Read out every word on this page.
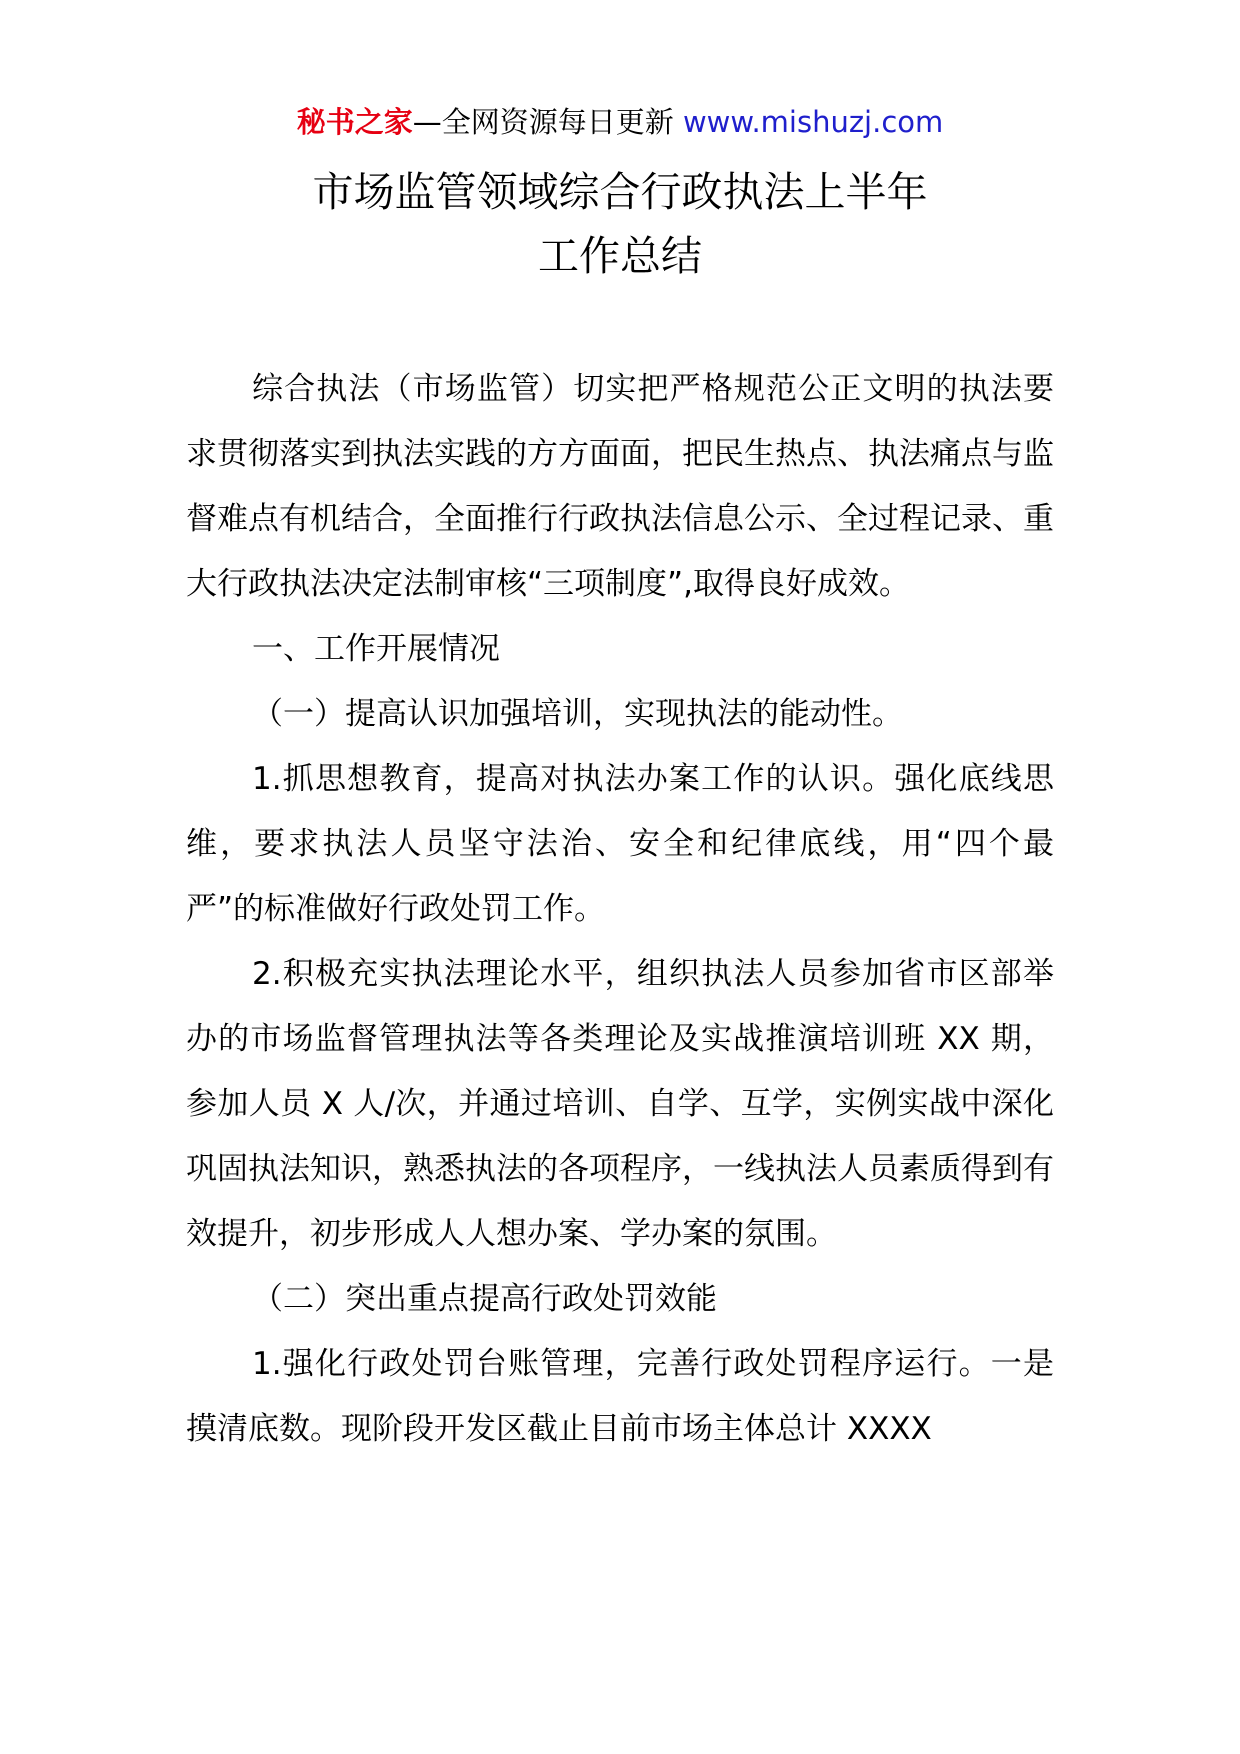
秘书之家—全网资源每日更新 www.mishuzj.com
市场监管领域综合行政执法上半年
工作总结

综合执法（市场监管）切实把严格规范公正文明的执法要求贯彻落实到执法实践的方方面面，把民生热点、执法痛点与监督难点有机结合，全面推行行政执法信息公示、全过程记录、重大行政执法决定法制审核“三项制度”,取得良好成效。

一、工作开展情况

（一）提高认识加强培训，实现执法的能动性。

1.抓思想教育，提高对执法办案工作的认识。强化底线思维，要求执法人员坚守法治、安全和纪律底线，用“四个最严”的标准做好行政处罚工作。

2.积极充实执法理论水平，组织执法人员参加省市区部举办的市场监督管理执法等各类理论及实战推演培训班 XX 期，参加人员 X 人/次，并通过培训、自学、互学，实例实战中深化巩固执法知识，熟悉执法的各项程序，一线执法人员素质得到有效提升，初步形成人人想办案、学办案的氛围。

（二）突出重点提高行政处罚效能

1.强化行政处罚台账管理，完善行政处罚程序运行。一是摸清底数。现阶段开发区截止目前市场主体总计 XXXX
